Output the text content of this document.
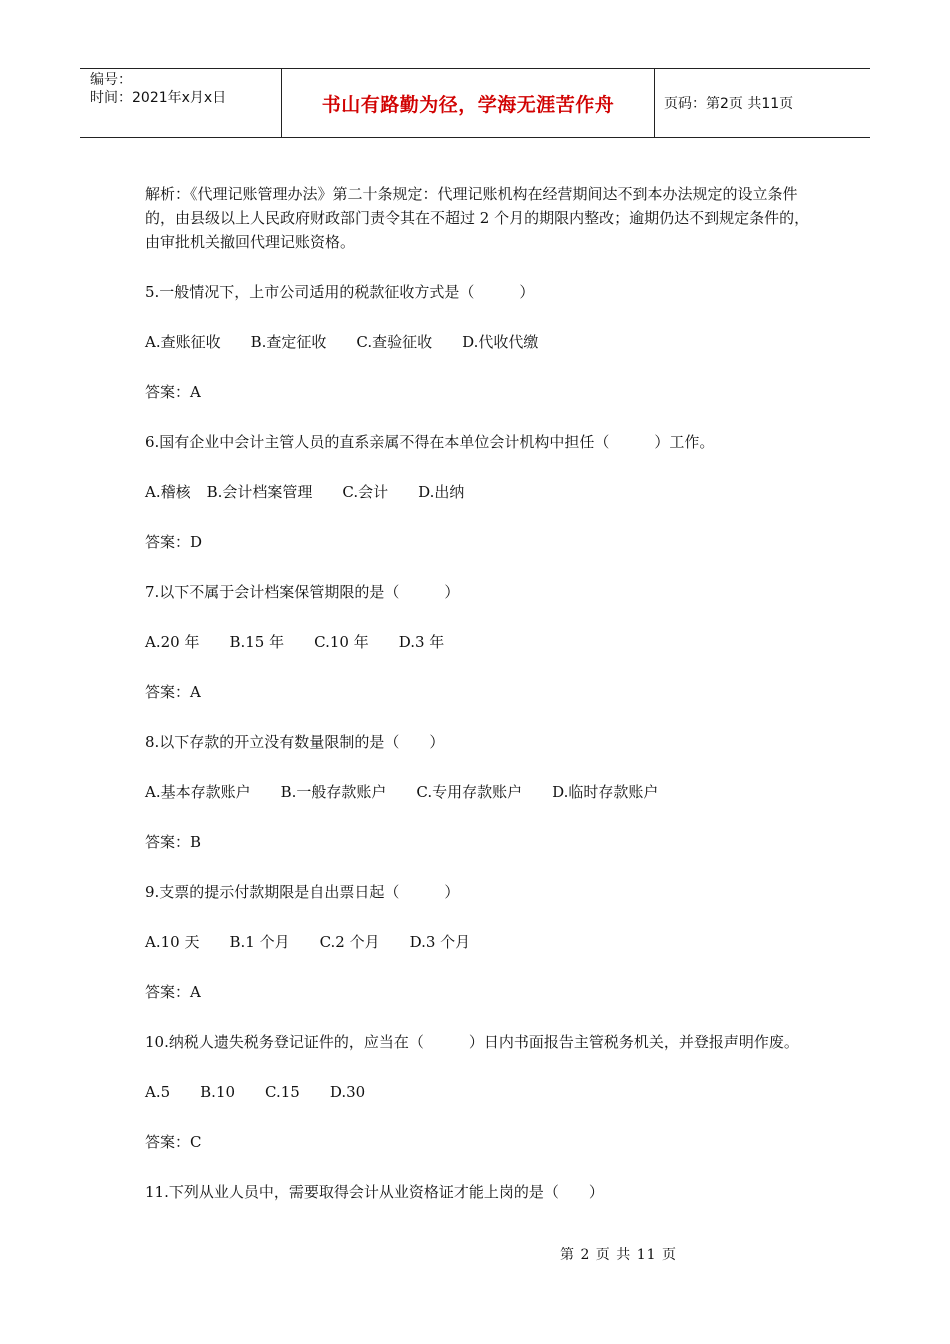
编号：
时间：2021年x月x日	书山有路勤为径，学海无涯苦作舟	页码：第2页 共11页

解析：《代理记账管理办法》第二十条规定：代理记账机构在经营期间达不到本办法规定的设立条件的，由县级以上人民政府财政部门责令其在不超过 2 个月的期限内整改；逾期仍达不到规定条件的，由审批机关撤回代理记账资格。

5.一般情况下，上市公司适用的税款征收方式是（　　　）

A.查账征收 B.查定征收 C.查验征收 D.代收代缴

答案：A

6.国有企业中会计主管人员的直系亲属不得在本单位会计机构中担任（　　　）工作。

A.稽核 B.会计档案管理 C.会计 D.出纳

答案：D

7.以下不属于会计档案保管期限的是（　　　）

A.20 年 B.15 年 C.10 年 D.3 年

答案：A

8.以下存款的开立没有数量限制的是（　　）

A.基本存款账户 B.一般存款账户 C.专用存款账户 D.临时存款账户

答案：B

9.支票的提示付款期限是自出票日起（　　　）

A.10 天 B.1 个月 C.2 个月 D.3 个月

答案：A

10.纳税人遗失税务登记证件的，应当在（　　　）日内书面报告主管税务机关，并登报声明作废。

A.5 B.10 C.15 D.30

答案：C

11.下列从业人员中，需要取得会计从业资格证才能上岗的是（　　）

第 2 页 共 11 页
